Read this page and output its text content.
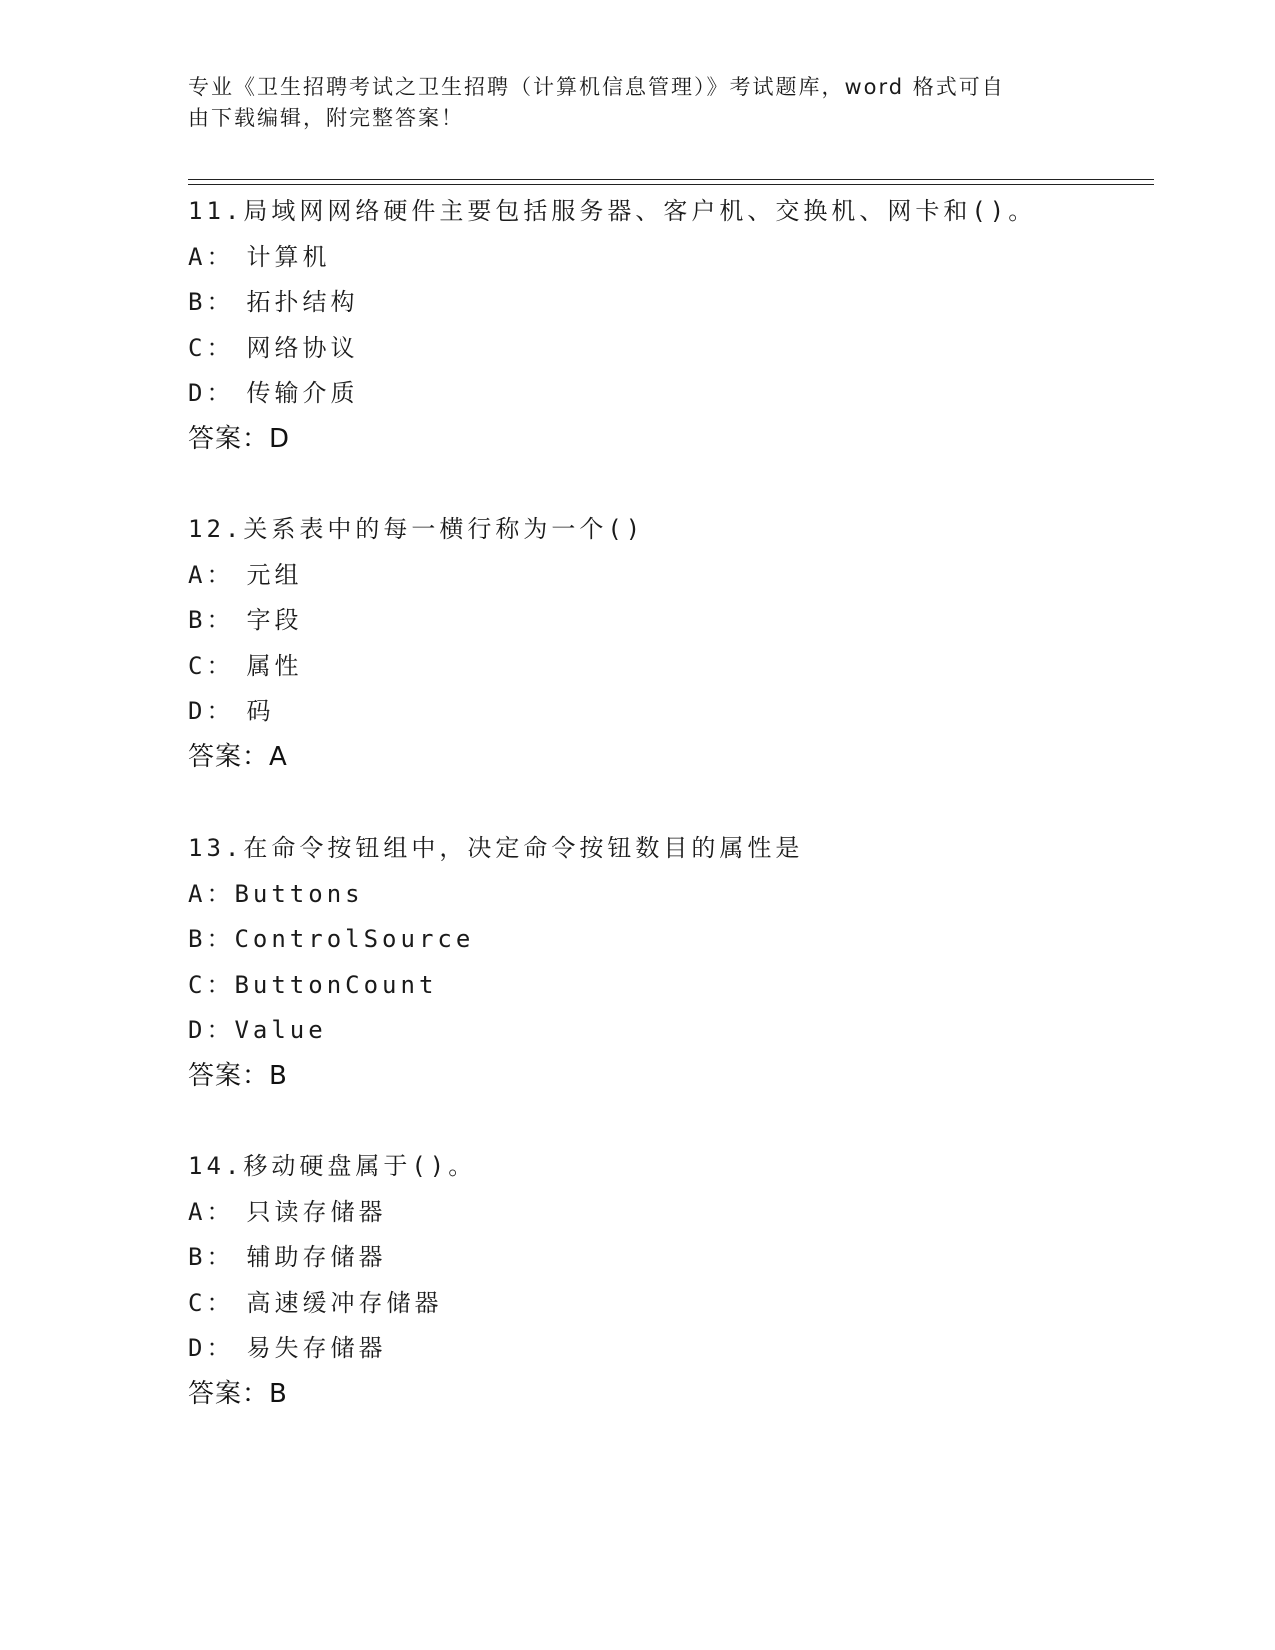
专业《卫生招聘考试之卫生招聘（计算机信息管理）》考试题库，word 格式可自
由下载编辑，附完整答案！
11.局域网网络硬件主要包括服务器、客户机、交换机、网卡和()。
A： 计算机
B： 拓扑结构
C： 网络协议
D： 传输介质
答案：D
12.关系表中的每一横行称为一个()
A： 元组
B： 字段
C： 属性
D： 码
答案：A
13.在命令按钮组中，决定命令按钮数目的属性是
A：Buttons
B：ControlSource
C：ButtonCount
D：Value
答案：B
14.移动硬盘属于()。
A： 只读存储器
B： 辅助存储器
C： 高速缓冲存储器
D： 易失存储器
答案：B
